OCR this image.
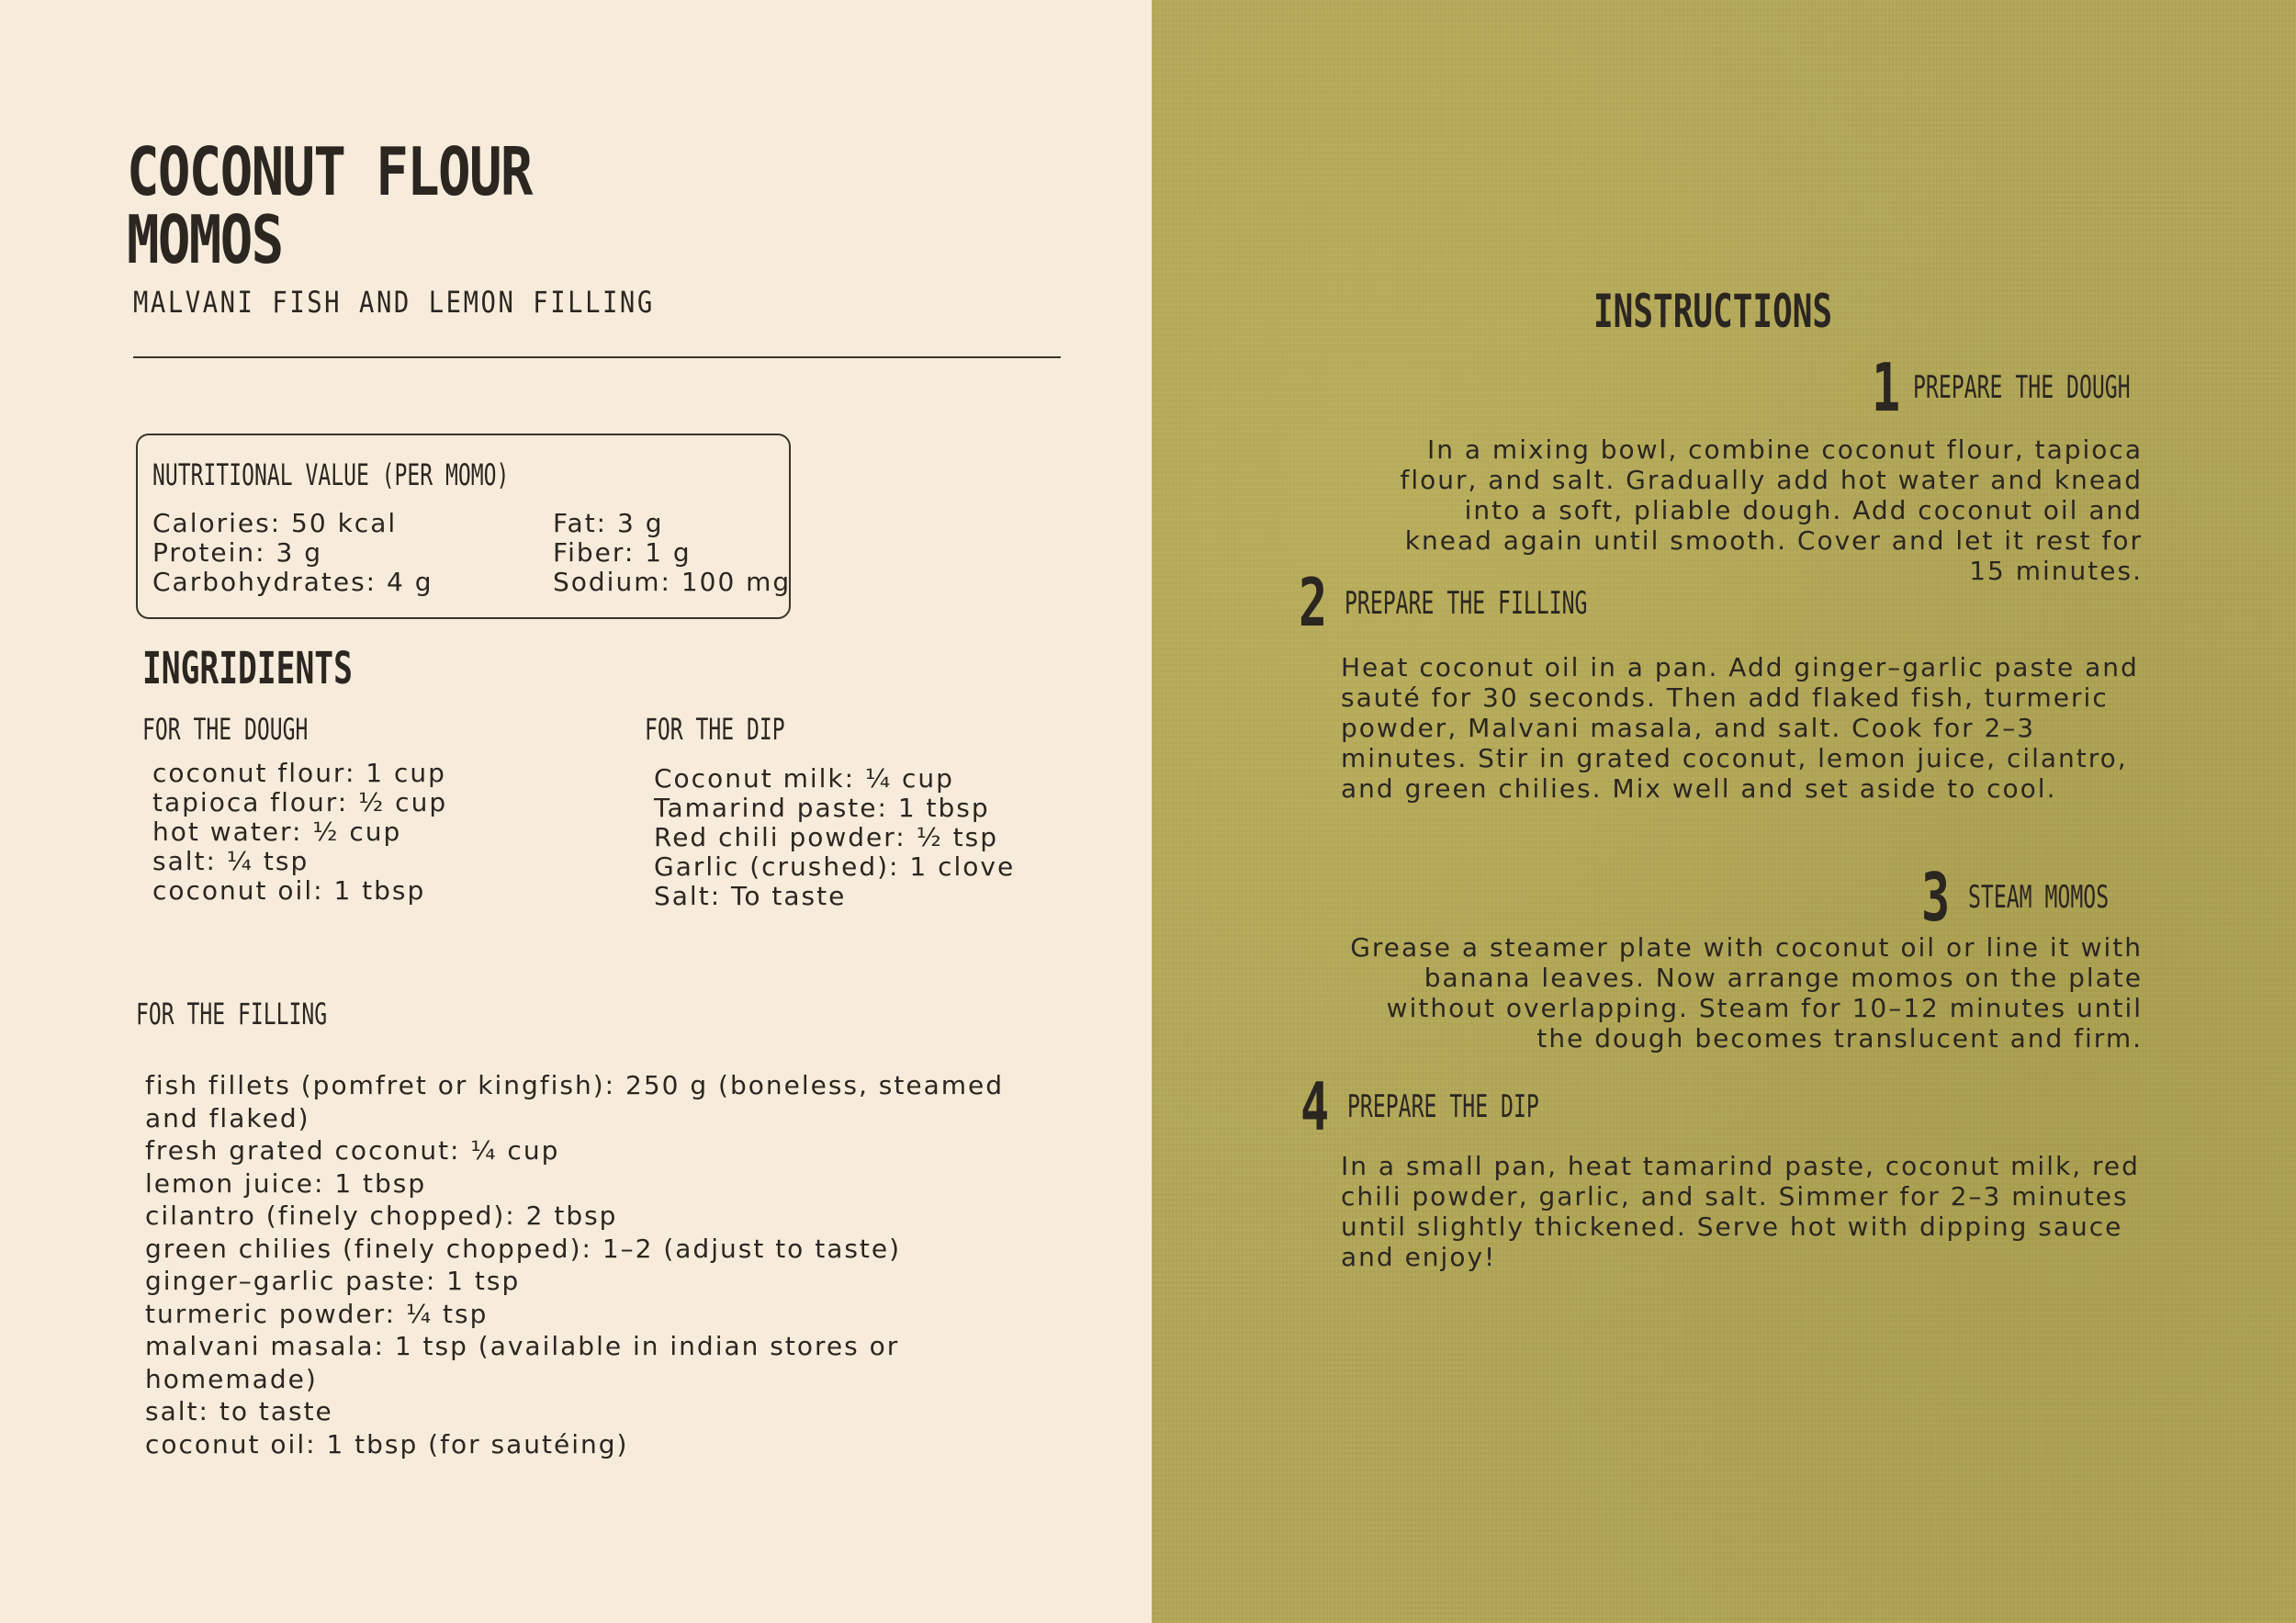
COCONUT FLOUR
MOMOS
MALVANI FISH AND LEMON FILLING
NUTRITIONAL VALUE (PER MOMO)
Calories: 50 kcal
Protein: 3 g
Carbohydrates: 4 g
Fat: 3 g
Fiber: 1 g
Sodium: 100 mg
INGRIDIENTS
FOR THE DOUGH
coconut flour: 1 cup
tapioca flour: ½ cup
hot water: ½ cup
salt: ¼ tsp
coconut oil: 1 tbsp
FOR THE DIP
Coconut milk: ¼ cup
Tamarind paste: 1 tbsp
Red chili powder: ½ tsp
Garlic (crushed): 1 clove
Salt: To taste
FOR THE FILLING
fish fillets (pomfret or kingfish): 250 g (boneless, steamed and flaked)
fresh grated coconut: ¼ cup
lemon juice: 1 tbsp
cilantro (finely chopped): 2 tbsp
green chilies (finely chopped): 1–2 (adjust to taste)
ginger–garlic paste: 1 tsp
turmeric powder: ¼ tsp
malvani masala: 1 tsp (available in indian stores or homemade)
salt: to taste
coconut oil: 1 tbsp (for sautéing)
INSTRUCTIONS
1 PREPARE THE DOUGH
In a mixing bowl, combine coconut flour, tapioca flour, and salt. Gradually add hot water and knead into a soft, pliable dough. Add coconut oil and knead again until smooth. Cover and let it rest for 15 minutes.
2 PREPARE THE FILLING
Heat coconut oil in a pan. Add ginger–garlic paste and sauté for 30 seconds. Then add flaked fish, turmeric powder, Malvani masala, and salt. Cook for 2–3 minutes. Stir in grated coconut, lemon juice, cilantro, and green chilies. Mix well and set aside to cool.
3 STEAM MOMOS
Grease a steamer plate with coconut oil or line it with banana leaves. Now arrange momos on the plate without overlapping. Steam for 10–12 minutes until the dough becomes translucent and firm.
4 PREPARE THE DIP
In a small pan, heat tamarind paste, coconut milk, red chili powder, garlic, and salt. Simmer for 2–3 minutes until slightly thickened. Serve hot with dipping sauce and enjoy!
